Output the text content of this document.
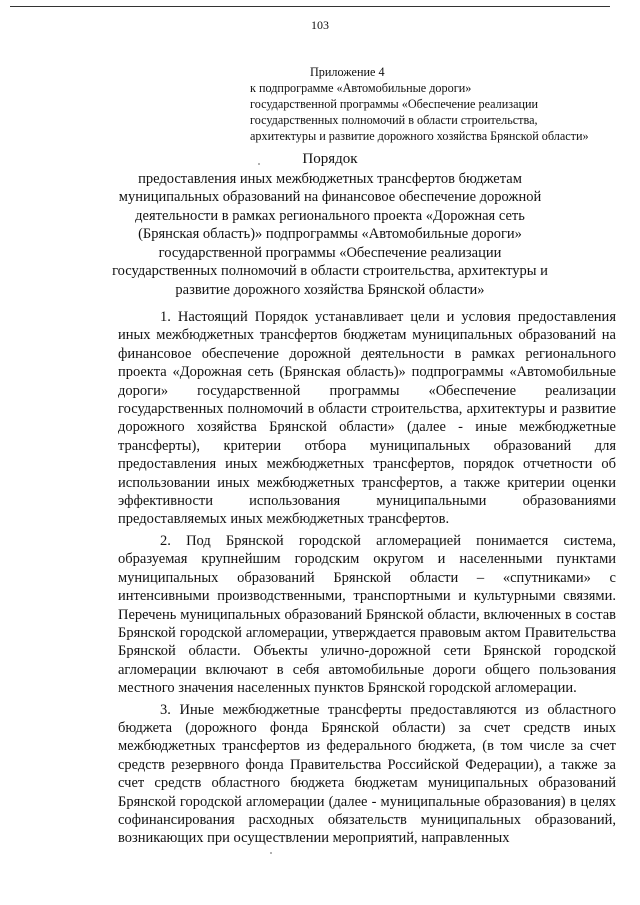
103
Приложение 4
к подпрограмме «Автомобильные дороги»
государственной программы «Обеспечение реализации
государственных полномочий в области строительства,
архитектуры и развитие дорожного хозяйства Брянской области»
Порядок
предоставления иных межбюджетных трансфертов бюджетам муниципальных образований на финансовое обеспечение дорожной деятельности в рамках регионального проекта «Дорожная сеть (Брянская область)» подпрограммы «Автомобильные дороги» государственной программы «Обеспечение реализации государственных полномочий в области строительства, архитектуры и развитие дорожного хозяйства Брянской области»

1. Настоящий Порядок устанавливает цели и условия предоставления иных межбюджетных трансфертов бюджетам муниципальных образований на финансовое обеспечение дорожной деятельности в рамках регионального проекта «Дорожная сеть (Брянская область)» подпрограммы «Автомобильные дороги» государственной программы «Обеспечение реализации государственных полномочий в области строительства, архитектуры и развитие дорожного хозяйства Брянской области» (далее - иные межбюджетные трансферты), критерии отбора муниципальных образований для предоставления иных межбюджетных трансфертов, порядок отчетности об использовании иных межбюджетных трансфертов, а также критерии оценки эффективности использования муниципальными образованиями предоставляемых иных межбюджетных трансфертов.

2. Под Брянской городской агломерацией понимается система, образуемая крупнейшим городским округом и населенными пунктами муниципальных образований Брянской области – «спутниками» с интенсивными производственными, транспортными и культурными связями. Перечень муниципальных образований Брянской области, включенных в состав Брянской городской агломерации, утверждается правовым актом Правительства Брянской области. Объекты улично-дорожной сети Брянской городской агломерации включают в себя автомобильные дороги общего пользования местного значения населенных пунктов Брянской городской агломерации.

3. Иные межбюджетные трансферты предоставляются из областного бюджета (дорожного фонда Брянской области) за счет средств иных межбюджетных трансфертов из федерального бюджета, (в том числе за счет средств резервного фонда Правительства Российской Федерации), а также за счет средств областного бюджета бюджетам муниципальных образований Брянской городской агломерации (далее - муниципальные образования) в целях софинансирования расходных обязательств муниципальных образований, возникающих при осуществлении мероприятий, направленных
